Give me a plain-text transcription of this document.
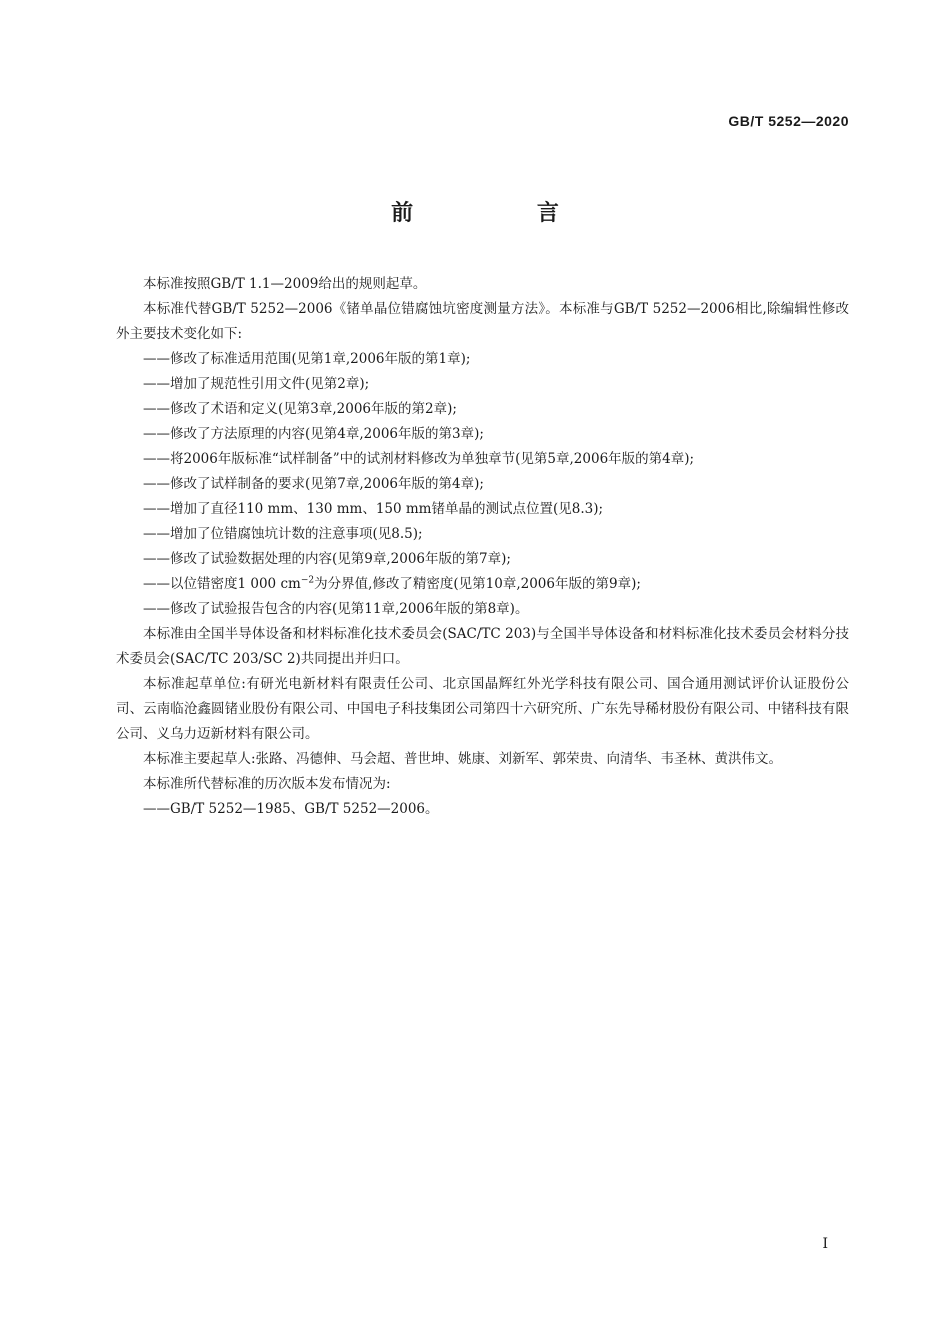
GB/T 5252—2020
前 言

本标准按照GB/T 1.1—2009给出的规则起草。

本标准代替GB/T 5252—2006《锗单晶位错腐蚀坑密度测量方法》。本标准与GB/T 5252—2006相比,除编辑性修改外主要技术变化如下:

——修改了标准适用范围(见第1章,2006年版的第1章);

——增加了规范性引用文件(见第2章);

——修改了术语和定义(见第3章,2006年版的第2章);

——修改了方法原理的内容(见第4章,2006年版的第3章);

——将2006年版标准“试样制备”中的试剂材料修改为单独章节(见第5章,2006年版的第4章);

——修改了试样制备的要求(见第7章,2006年版的第4章);

——增加了直径110 mm、130 mm、150 mm锗单晶的测试点位置(见8.3);

——增加了位错腐蚀坑计数的注意事项(见8.5);

——修改了试验数据处理的内容(见第9章,2006年版的第7章);

——以位错密度1 000 $cm^{-2}$为分界值,修改了精密度(见第10章,2006年版的第9章);

——修改了试验报告包含的内容(见第11章,2006年版的第8章)。

本标准由全国半导体设备和材料标准化技术委员会(SAC/TC 203)与全国半导体设备和材料标准化技术委员会材料分技术委员会(SAC/TC 203/SC 2)共同提出并归口。

本标准起草单位:有研光电新材料有限责任公司、北京国晶辉红外光学科技有限公司、国合通用测试评价认证股份公司、云南临沧鑫圆锗业股份有限公司、中国电子科技集团公司第四十六研究所、广东先导稀材股份有限公司、中锗科技有限公司、义乌力迈新材料有限公司。

本标准主要起草人:张路、冯德伸、马会超、普世坤、姚康、刘新军、郭荣贵、向清华、韦圣林、黄洪伟文。

本标准所代替标准的历次版本发布情况为:

——GB/T 5252—1985、GB/T 5252—2006。

I
